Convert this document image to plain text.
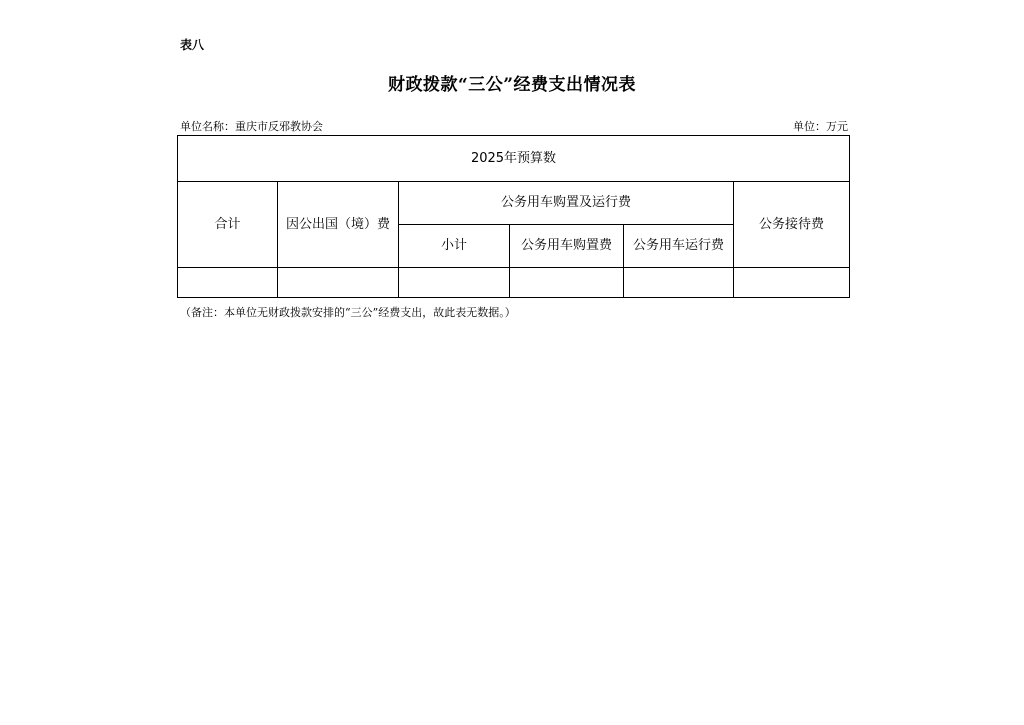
表八
财政拨款“三公”经费支出情况表
单位名称：重庆市反邪教协会	单位：万元
2025年预算数					
合计	因公出国（境）费	公务用车购置及运行费			公务接待费
		小计	公务用车购置费	公务用车运行费	

（备注：本单位无财政拨款安排的“三公”经费支出，故此表无数据。）
